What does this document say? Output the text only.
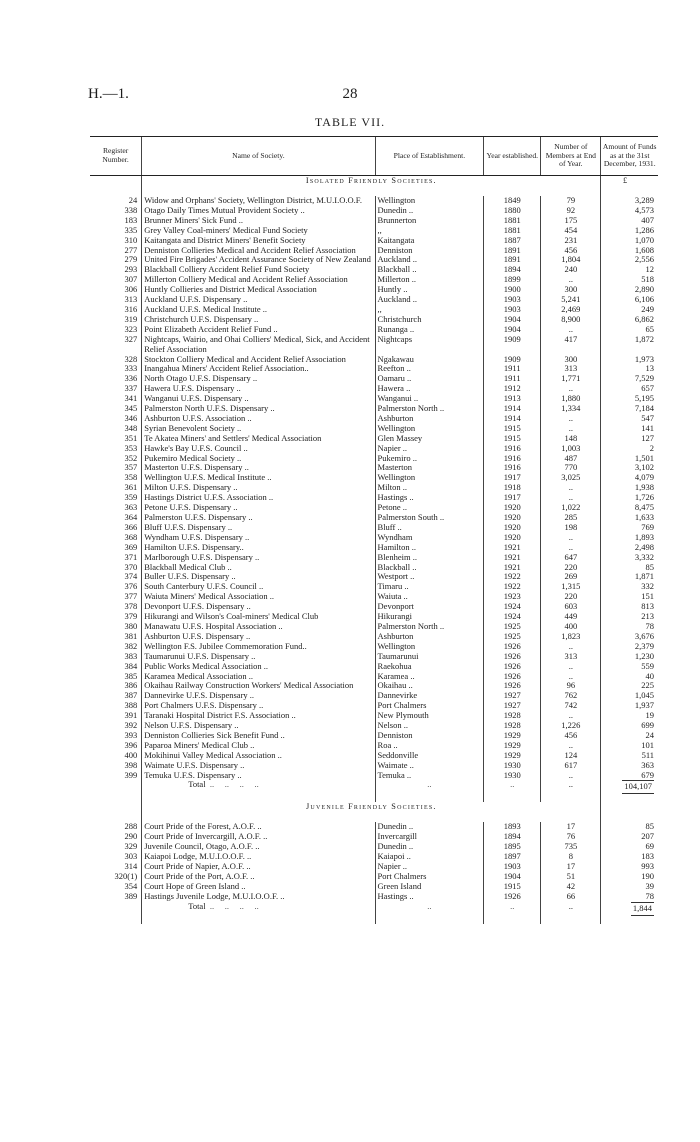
H.—1.	28
TABLE VII.
Register Number.	Name of Society.	Place of Establishment.	Year established.	Number of Members at End of Year.	Amount of Funds as at the 31st December, 1931.
	Isolated Friendly Societies.				£
24	Widow and Orphans' Society, Wellington District, M.U.I.O.O.F.	Wellington	1849	79	3,289
338	Otago Daily Times Mutual Provident Society ..	Dunedin ..	1880	92	4,573
183	Brunner Miners' Sick Fund ..	Brunnerton	1881	175	407
335	Grey Valley Coal-miners' Medical Fund Society	,,	1881	454	1,286
310	Kaitangata and District Miners' Benefit Society	Kaitangata	1887	231	1,070
277	Denniston Collieries Medical and Accident Relief Association	Denniston	1891	456	1,608
279	United Fire Brigades' Accident Assurance Society of New Zealand	Auckland ..	1891	1,804	2,556
293	Blackball Colliery Accident Relief Fund Society	Blackball ..	1894	240	12
307	Millerton Colliery Medical and Accident Relief Association	Millerton ..	1899	..	518
306	Huntly Collieries and District Medical Association	Huntly ..	1900	300	2,890
313	Auckland U.F.S. Dispensary ..	Auckland ..	1903	5,241	6,106
316	Auckland U.F.S. Medical Institute ..	,,	1903	2,469	249
319	Christchurch U.F.S. Dispensary ..	Christchurch	1904	8,900	6,862
323	Point Elizabeth Accident Relief Fund ..	Runanga ..	1904	..	65
327	Nightcaps, Wairio, and Ohai Colliers' Medical, Sick, and Accident Relief Association	Nightcaps	1909	417	1,872
328	Stockton Colliery Medical and Accident Relief Association	Ngakawau	1909	300	1,973
333	Inangahua Miners' Accident Relief Association..	Reefton ..	1911	313	13
336	North Otago U.F.S. Dispensary ..	Oamaru ..	1911	1,771	7,529
337	Hawera U.F.S. Dispensary ..	Hawera ..	1912	..	657
341	Wanganui U.F.S. Dispensary ..	Wanganui ..	1913	1,880	5,195
345	Palmerston North U.F.S. Dispensary ..	Palmerston North ..	1914	1,334	7,184
346	Ashburton U.F.S. Association ..	Ashburton	1914	..	547
348	Syrian Benevolent Society ..	Wellington	1915	..	141
351	Te Akatea Miners' and Settlers' Medical Association	Glen Massey	1915	148	127
353	Hawke's Bay U.F.S. Council ..	Napier ..	1916	1,003	2
352	Pukemiro Medical Society ..	Pukemiro ..	1916	487	1,501
357	Masterton U.F.S. Dispensary ..	Masterton	1916	770	3,102
358	Wellington U.F.S. Medical Institute ..	Wellington	1917	3,025	4,079
361	Milton U.F.S. Dispensary ..	Milton ..	1918	..	1,938
359	Hastings District U.F.S. Association ..	Hastings ..	1917	..	1,726
363	Petone U.F.S. Dispensary ..	Petone ..	1920	1,022	8,475
364	Palmerston U.F.S. Dispensary ..	Palmerston South ..	1920	285	1,633
366	Bluff U.F.S. Dispensary ..	Bluff ..	1920	198	769
368	Wyndham U.F.S. Dispensary ..	Wyndham	1920	..	1,893
369	Hamilton U.F.S. Dispensary..	Hamilton ..	1921	..	2,498
371	Marlborough U.F.S. Dispensary ..	Blenheim ..	1921	647	3,332
370	Blackball Medical Club ..	Blackball ..	1921	220	85
374	Buller U.F.S. Dispensary ..	Westport ..	1922	269	1,871
376	South Canterbury U.F.S. Council ..	Timaru ..	1922	1,315	332
377	Waiuta Miners' Medical Association ..	Waiuta ..	1923	220	151
378	Devonport U.F.S. Dispensary ..	Devonport	1924	603	813
379	Hikurangi and Wilson's Coal-miners' Medical Club	Hikurangi	1924	449	213
380	Manawatu U.F.S. Hospital Association ..	Palmerston North ..	1925	400	78
381	Ashburton U.F.S. Dispensary ..	Ashburton	1925	1,823	3,676
382	Wellington F.S. Jubilee Commemoration Fund..	Wellington	1926	..	2,379
383	Taumarunui U.F.S. Dispensary ..	Taumarunui	1926	313	1,230
384	Public Works Medical Association ..	Raekohua	1926	..	559
385	Karamea Medical Association ..	Karamea ..	1926	..	40
386	Okaihau Railway Construction Workers' Medical Association	Okaihau ..	1926	96	225
387	Dannevirke U.F.S. Dispensary ..	Dannevirke	1927	762	1,045
388	Port Chalmers U.F.S. Dispensary ..	Port Chalmers	1927	742	1,937
391	Taranaki Hospital District F.S. Association ..	New Plymouth	1928	..	19
392	Nelson U.F.S. Dispensary ..	Nelson ..	1928	1,226	699
393	Denniston Collieries Sick Benefit Fund ..	Denniston	1929	456	24
396	Paparoa Miners' Medical Club ..	Roa ..	1929	..	101
400	Mokihinui Valley Medical Association ..	Seddonville	1929	124	511
398	Waimate U.F.S. Dispensary ..	Waimate ..	1930	617	363
399	Temuka U.F.S. Dispensary ..	Temuka ..	1930	..	679
	Total  ..     ..     ..     ..	..	..	..	104,107
	Juvenile Friendly Societies.				
288	Court Pride of the Forest, A.O.F. ..	Dunedin ..	1893	17	85
290	Court Pride of Invercargill, A.O.F. ..	Invercargill	1894	76	207
329	Juvenile Council, Otago, A.O.F. ..	Dunedin ..	1895	735	69
303	Kaiapoi Lodge, M.U.I.O.O.F. ..	Kaiapoi ..	1897	8	183
314	Court Pride of Napier, A.O.F. ..	Napier ..	1903	17	993
320(1)	Court Pride of the Port, A.O.F. ..	Port Chalmers	1904	51	190
354	Court Hope of Green Island ..	Green Island	1915	42	39
389	Hastings Juvenile Lodge, M.U.I.O.O.F. ..	Hastings ..	1926	66	78
	Total  ..     ..     ..     ..	..	..	..	1,844
